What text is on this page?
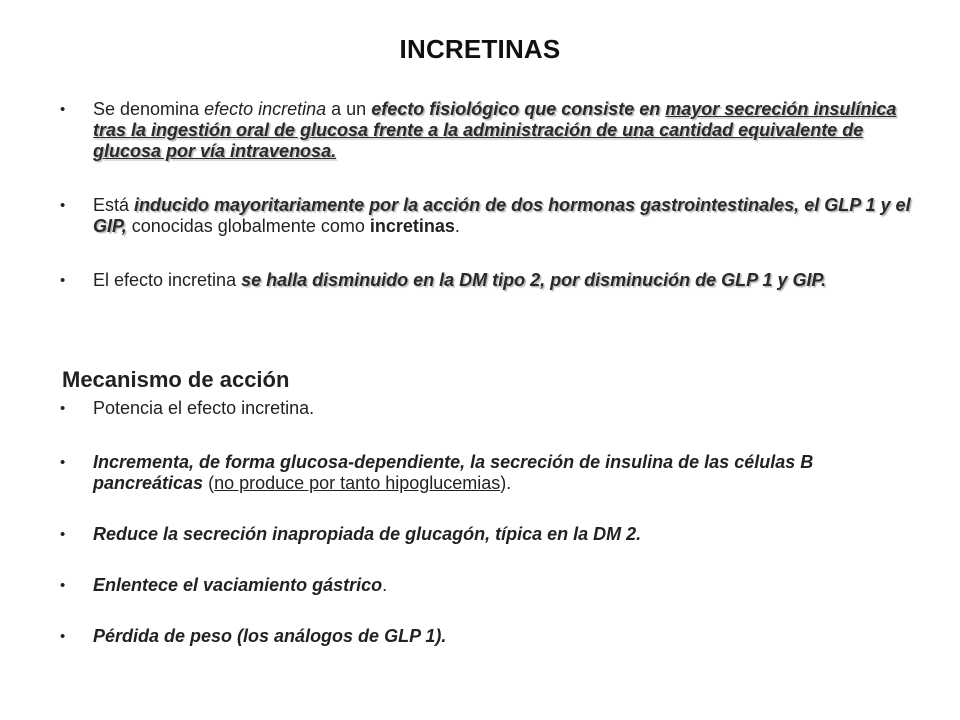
INCRETINAS
• Se denomina efecto incretina a un efecto fisiológico que consiste en mayor secreción insulínica tras la ingestión oral de glucosa frente a la administración de una cantidad equivalente de glucosa por vía intravenosa.
• Está inducido mayoritariamente por la acción de dos hormonas gastrointestinales, el GLP 1 y el GIP, conocidas globalmente como incretinas.
• El efecto incretina se halla disminuido en la DM tipo 2, por disminución de GLP 1 y GIP.
Mecanismo de acción
• Potencia el efecto incretina.
• Incrementa, de forma glucosa-dependiente, la secreción de insulina de las células B pancreáticas (no produce por tanto hipoglucemias).
• Reduce la secreción inapropiada de glucagón, típica en la DM 2.
• Enlentece el vaciamiento gástrico.
• Pérdida de peso (los análogos de GLP 1).
